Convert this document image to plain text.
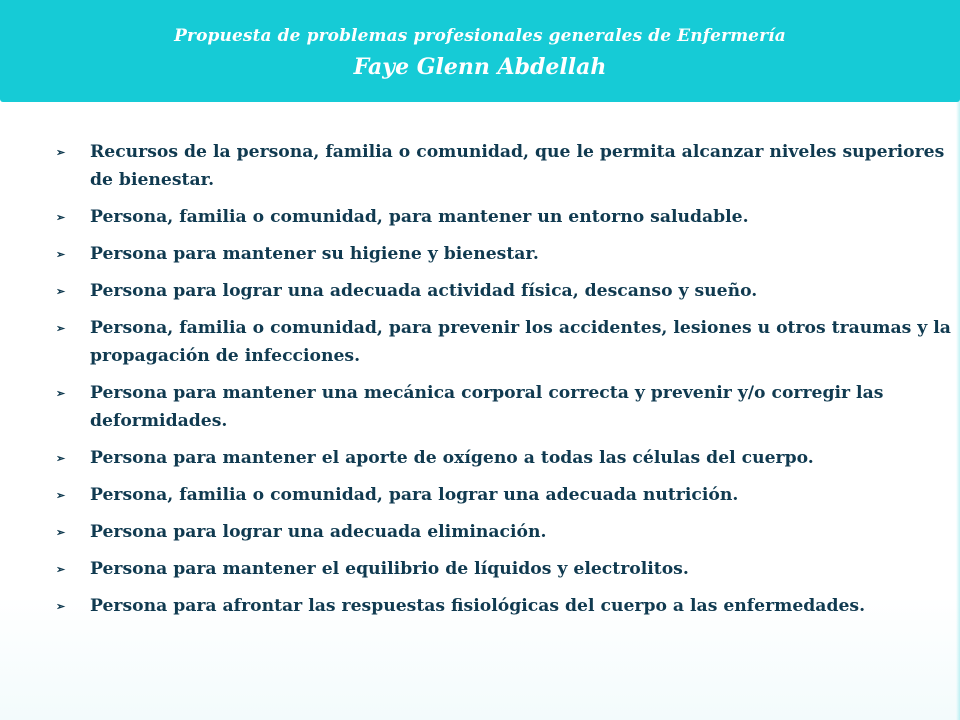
Propuesta de problemas profesionales generales de Enfermería
Faye Glenn Abdellah
➢	Recursos de la persona, familia o comunidad, que le permita alcanzar niveles superiores de bienestar.
➢	Persona, familia o comunidad, para mantener un entorno saludable.
➢	Persona para mantener su higiene y bienestar.
➢	Persona para lograr una adecuada actividad física, descanso y sueño.
➢	Persona, familia o comunidad, para prevenir los accidentes, lesiones u otros traumas y la propagación de infecciones.
➢	Persona para mantener una mecánica corporal correcta y prevenir y/o corregir las deformidades.
➢	Persona para mantener el aporte de oxígeno a todas las células del cuerpo.
➢	Persona, familia o comunidad, para lograr una adecuada nutrición.
➢	Persona para lograr una adecuada eliminación.
➢	Persona para mantener el equilibrio de líquidos y electrolitos.
➢	Persona para afrontar las respuestas fisiológicas del cuerpo a las enfermedades.
